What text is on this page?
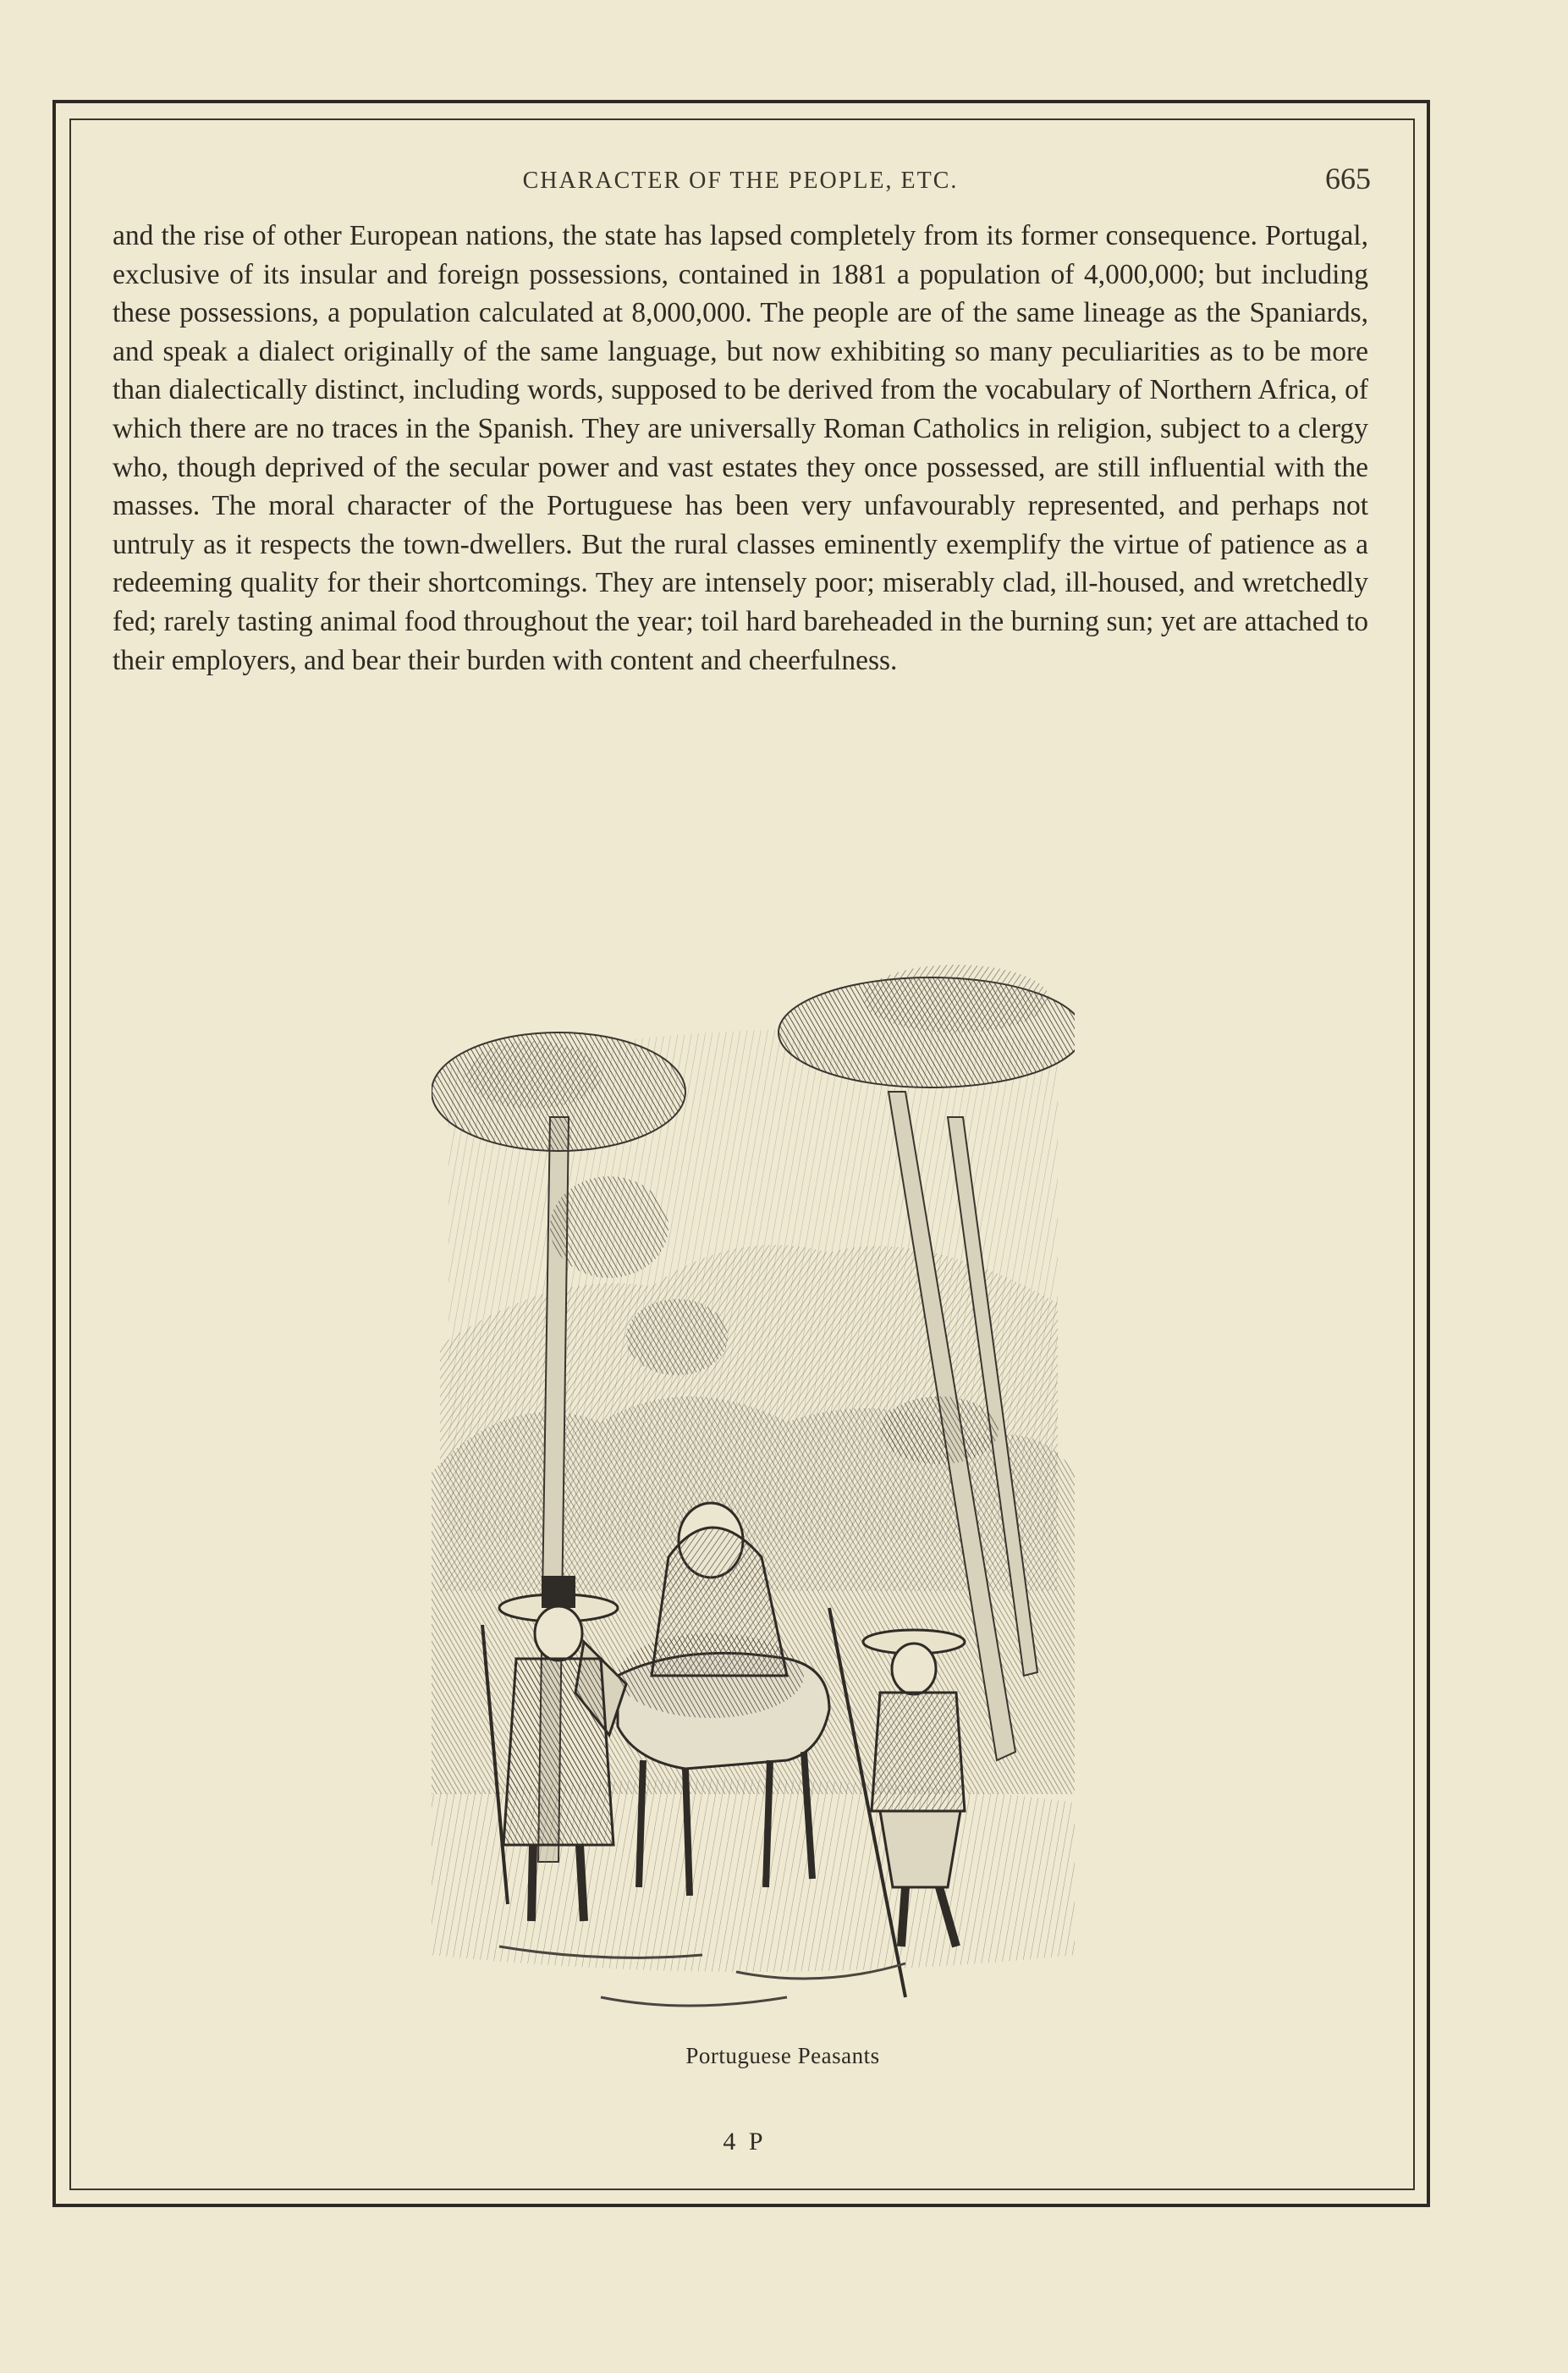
CHARACTER OF THE PEOPLE, ETC.	665

and the rise of other European nations, the state has lapsed completely from its former consequence. Portugal, exclusive of its insular and foreign possessions, contained in 1881 a population of 4,000,000; but including these possessions, a population calculated at 8,000,000. The people are of the same lineage as the Spaniards, and speak a dialect originally of the same language, but now exhibiting so many peculiarities as to be more than dialectically distinct, including words, supposed to be derived from the vocabulary of Northern Africa, of which there are no traces in the Spanish. They are universally Roman Catholics in religion, subject to a clergy who, though deprived of the secular power and vast estates they once possessed, are still influential with the masses. The moral character of the Portuguese has been very unfavourably represented, and perhaps not untruly as it respects the town-dwellers. But the rural classes eminently exemplify the virtue of patience as a redeeming quality for their shortcomings. They are intensely poor; miserably clad, ill-housed, and wretchedly fed; rarely tasting animal food throughout the year; toil hard bareheaded in the burning sun; yet are attached to their employers, and bear their burden with content and cheerfulness.

Portuguese Peasants
4 P
